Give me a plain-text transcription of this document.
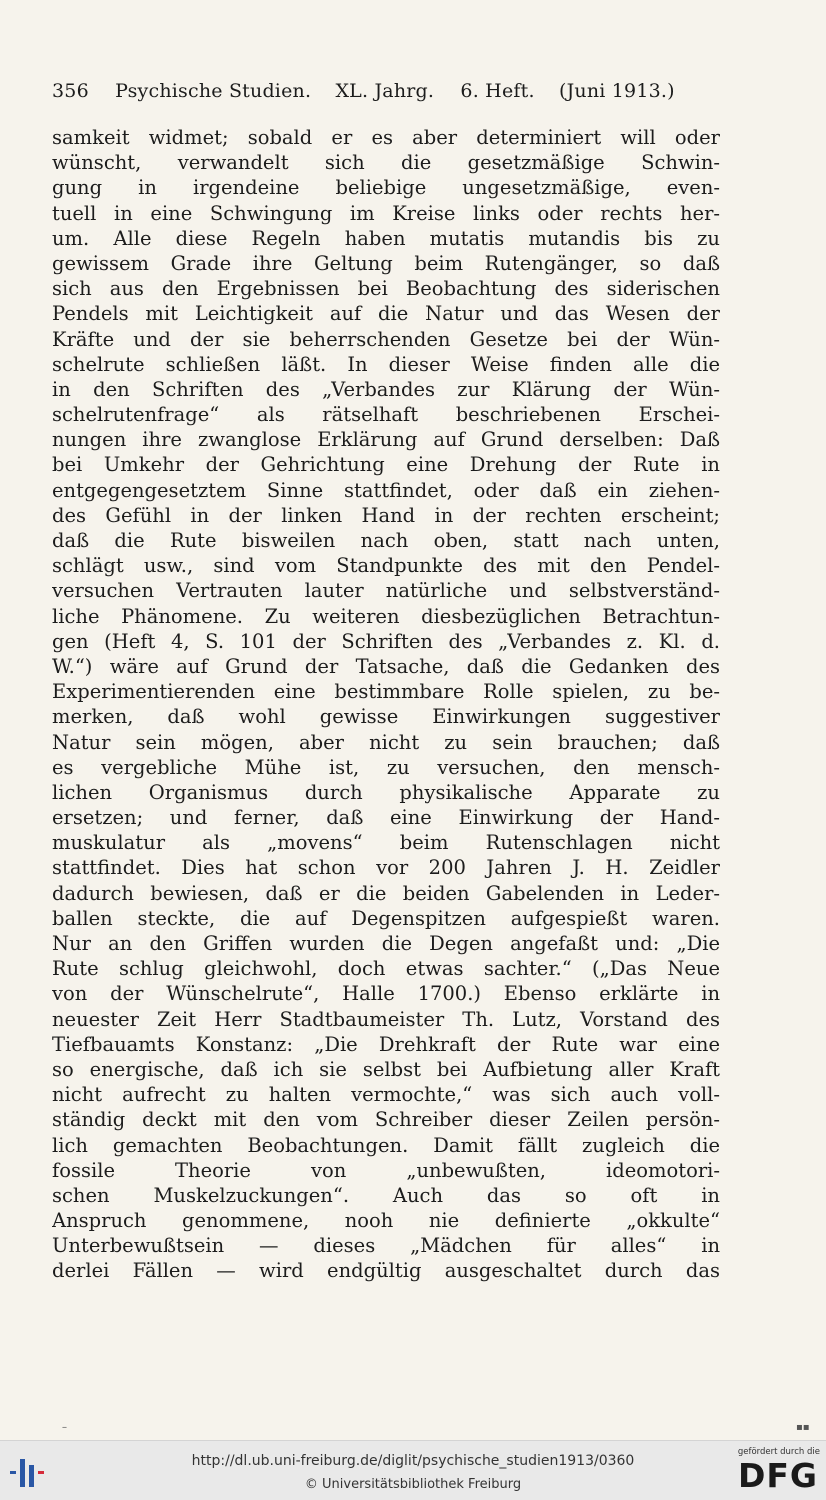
356 Psychische Studien. XL. Jahrg. 6. Heft. (Juni 1913.)
samkeit widmet; sobald er es aber determiniert will oder
wünscht, verwandelt sich die gesetzmäßige Schwin-
gung in irgendeine beliebige ungesetzmäßige, even-
tuell in eine Schwingung im Kreise links oder rechts her-
um. Alle diese Regeln haben mutatis mutandis bis zu
gewissem Grade ihre Geltung beim Rutengänger, so daß
sich aus den Ergebnissen bei Beobachtung des siderischen
Pendels mit Leichtigkeit auf die Natur und das Wesen der
Kräfte und der sie beherrschenden Gesetze bei der Wün-
schelrute schließen läßt. In dieser Weise finden alle die
in den Schriften des „Verbandes zur Klärung der Wün-
schelrutenfrage“ als rätselhaft beschriebenen Erschei-
nungen ihre zwanglose Erklärung auf Grund derselben: Daß
bei Umkehr der Gehrichtung eine Drehung der Rute in
entgegengesetztem Sinne stattfindet, oder daß ein ziehen-
des Gefühl in der linken Hand in der rechten erscheint;
daß die Rute bisweilen nach oben, statt nach unten,
schlägt usw., sind vom Standpunkte des mit den Pendel-
versuchen Vertrauten lauter natürliche und selbstverständ-
liche Phänomene. Zu weiteren diesbezüglichen Betrachtun-
gen (Heft 4, S. 101 der Schriften des „Verbandes z. Kl. d.
W.“) wäre auf Grund der Tatsache, daß die Gedanken des
Experimentierenden eine bestimmbare Rolle spielen, zu be-
merken, daß wohl gewisse Einwirkungen suggestiver
Natur sein mögen, aber nicht zu sein brauchen; daß
es vergebliche Mühe ist, zu versuchen, den mensch-
lichen Organismus durch physikalische Apparate zu
ersetzen; und ferner, daß eine Einwirkung der Hand-
muskulatur als „movens“ beim Rutenschlagen nicht
stattfindet. Dies hat schon vor 200 Jahren J. H. Zeidler
dadurch bewiesen, daß er die beiden Gabelenden in Leder-
ballen steckte, die auf Degenspitzen aufgespießt waren.
Nur an den Griffen wurden die Degen angefaßt und: „Die
Rute schlug gleichwohl, doch etwas sachter.“ („Das Neue
von der Wünschelrute“, Halle 1700.) Ebenso erklärte in
neuester Zeit Herr Stadtbaumeister Th. Lutz, Vorstand des
Tiefbauamts Konstanz: „Die Drehkraft der Rute war eine
so energische, daß ich sie selbst bei Aufbietung aller Kraft
nicht aufrecht zu halten vermochte,“ was sich auch voll-
ständig deckt mit den vom Schreiber dieser Zeilen persön-
lich gemachten Beobachtungen. Damit fällt zugleich die
fossile Theorie von „unbewußten, ideomotori-
schen Muskelzuckungen“. Auch das so oft in
Anspruch genommene, nooh nie definierte „okkulte“
Unterbewußtsein — dieses „Mädchen für alles“ in
derlei Fällen — wird endgültig ausgeschaltet durch das
–	▪▪
http://dl.ub.uni-freiburg.de/diglit/psychische_studien1913/0360
© Universitätsbibliothek Freiburg
gefördert durch die
DFG
